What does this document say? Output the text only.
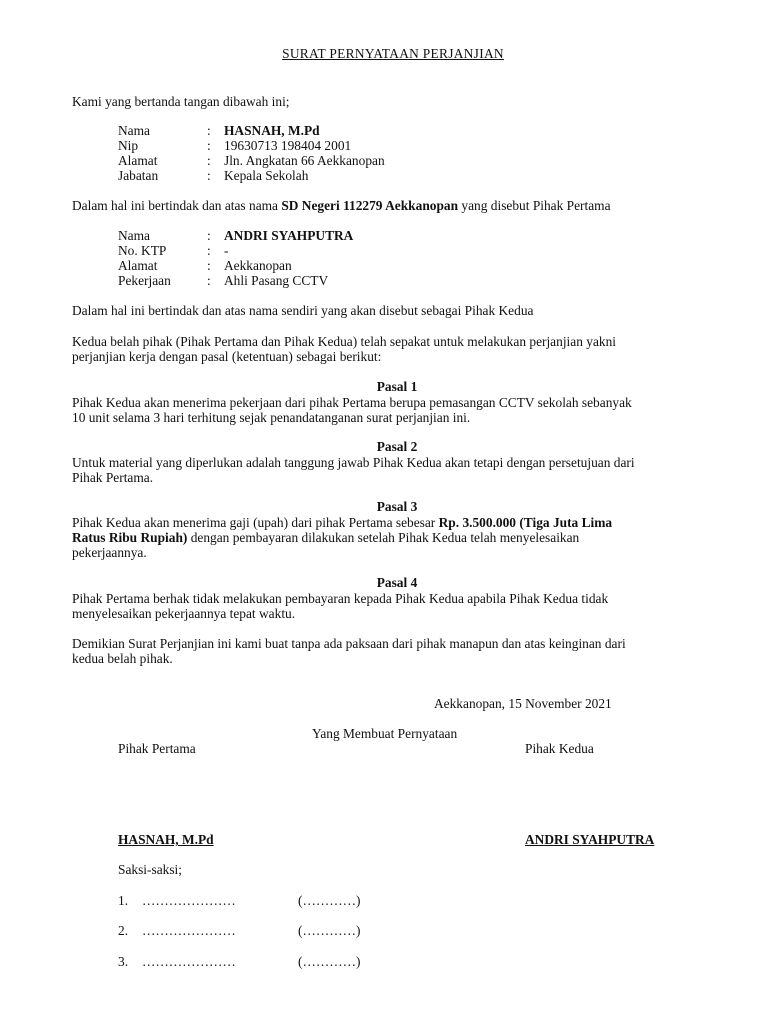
SURAT PERNYATAAN PERJANJIAN
Kami yang bertanda tangan dibawah ini;
Nama	: HASNAH, M.Pd
Nip	: 19630713 198404 2001
Alamat	: Jln. Angkatan 66 Aekkanopan
Jabatan	: Kepala Sekolah
Dalam hal ini bertindak dan atas nama SD Negeri 112279 Aekkanopan yang disebut Pihak Pertama
Nama	: ANDRI SYAHPUTRA
No. KTP	: -
Alamat	: Aekkanopan
Pekerjaan	: Ahli Pasang CCTV
Dalam hal ini bertindak dan atas nama sendiri yang akan disebut sebagai Pihak Kedua
Kedua belah pihak (Pihak Pertama dan Pihak Kedua) telah sepakat untuk melakukan perjanjian yakni
perjanjian kerja dengan pasal (ketentuan) sebagai berikut:
Pasal 1
Pihak Kedua akan menerima pekerjaan dari pihak Pertama berupa pemasangan CCTV sekolah sebanyak
10 unit selama 3 hari terhitung sejak penandatanganan surat perjanjian ini.
Pasal 2
Untuk material yang diperlukan adalah tanggung jawab Pihak Kedua akan tetapi dengan persetujuan dari
Pihak Pertama.
Pasal 3
Pihak Kedua akan menerima gaji (upah) dari pihak Pertama sebesar Rp. 3.500.000 (Tiga Juta Lima
Ratus Ribu Rupiah) dengan pembayaran dilakukan setelah Pihak Kedua telah menyelesaikan
pekerjaannya.
Pasal 4
Pihak Pertama berhak tidak melakukan pembayaran kepada Pihak Kedua apabila Pihak Kedua tidak
menyelesaikan pekerjaannya tepat waktu.
Demikian Surat Perjanjian ini kami buat tanpa ada paksaan dari pihak manapun dan atas keinginan dari
kedua belah pihak.
Aekkanopan, 15 November 2021
Yang Membuat Pernyataan
Pihak Pertama	Pihak Kedua
HASNAH, M.Pd	ANDRI SYAHPUTRA
Saksi-saksi;
1. …………………	(…………)
2. …………………	(…………)
3. …………………	(…………)
